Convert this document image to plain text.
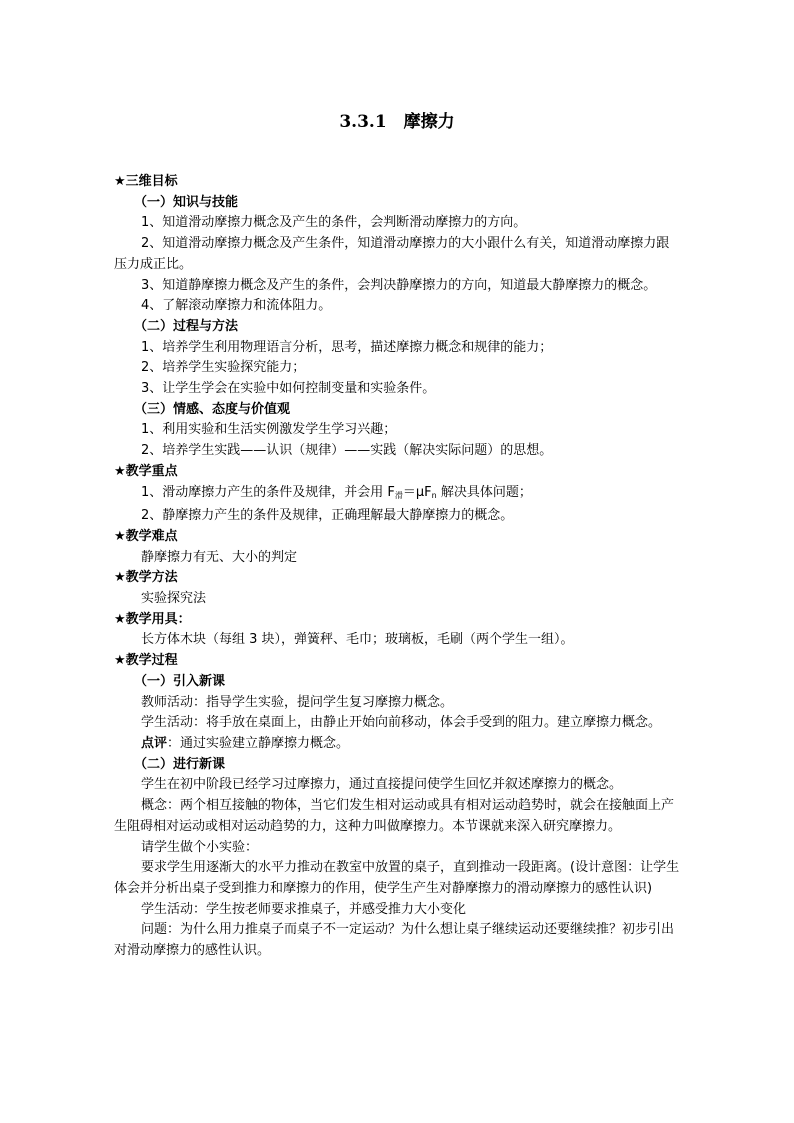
3.3.1　摩擦力
★三维目标
（一）知识与技能
1、知道滑动摩擦力概念及产生的条件，会判断滑动摩擦力的方向。
2、知道滑动摩擦力概念及产生条件，知道滑动摩擦力的大小跟什么有关，知道滑动摩擦力跟压力成正比。
3、知道静摩擦力概念及产生的条件，会判决静摩擦力的方向，知道最大静摩擦力的概念。
4、了解滚动摩擦力和流体阻力。
（二）过程与方法
1、培养学生利用物理语言分析，思考，描述摩擦力概念和规律的能力；
2、培养学生实验探究能力；
3、让学生学会在实验中如何控制变量和实验条件。
（三）情感、态度与价值观
1、利用实验和生活实例激发学生学习兴趣；
2、培养学生实践——认识（规律）——实践（解决实际问题）的思想。
★教学重点
1、滑动摩擦力产生的条件及规律，并会用 $F_滑=\mu F_n$ 解决具体问题；
2、静摩擦力产生的条件及规律，正确理解最大静摩擦力的概念。
★教学难点
静摩擦力有无、大小的判定
★教学方法
实验探究法
★教学用具：
长方体木块（每组 3 块），弹簧秤、毛巾；玻璃板，毛刷（两个学生一组）。
★教学过程
（一）引入新课
教师活动：指导学生实验，提问学生复习摩擦力概念。
学生活动：将手放在桌面上，由静止开始向前移动，体会手受到的阻力。建立摩擦力概念。
点评：通过实验建立静摩擦力概念。
（二）进行新课
学生在初中阶段已经学习过摩擦力，通过直接提问使学生回忆并叙述摩擦力的概念。
概念：两个相互接触的物体，当它们发生相对运动或具有相对运动趋势时，就会在接触面上产生阻碍相对运动或相对运动趋势的力，这种力叫做摩擦力。本节课就来深入研究摩擦力。
请学生做个小实验：
要求学生用逐渐大的水平力推动在教室中放置的桌子，直到推动一段距离。(设计意图：让学生体会并分析出桌子受到推力和摩擦力的作用，使学生产生对静摩擦力的滑动摩擦力的感性认识)
学生活动：学生按老师要求推桌子，并感受推力大小变化
问题：为什么用力推桌子而桌子不一定运动？为什么想让桌子继续运动还要继续推？初步引出对滑动摩擦力的感性认识。
